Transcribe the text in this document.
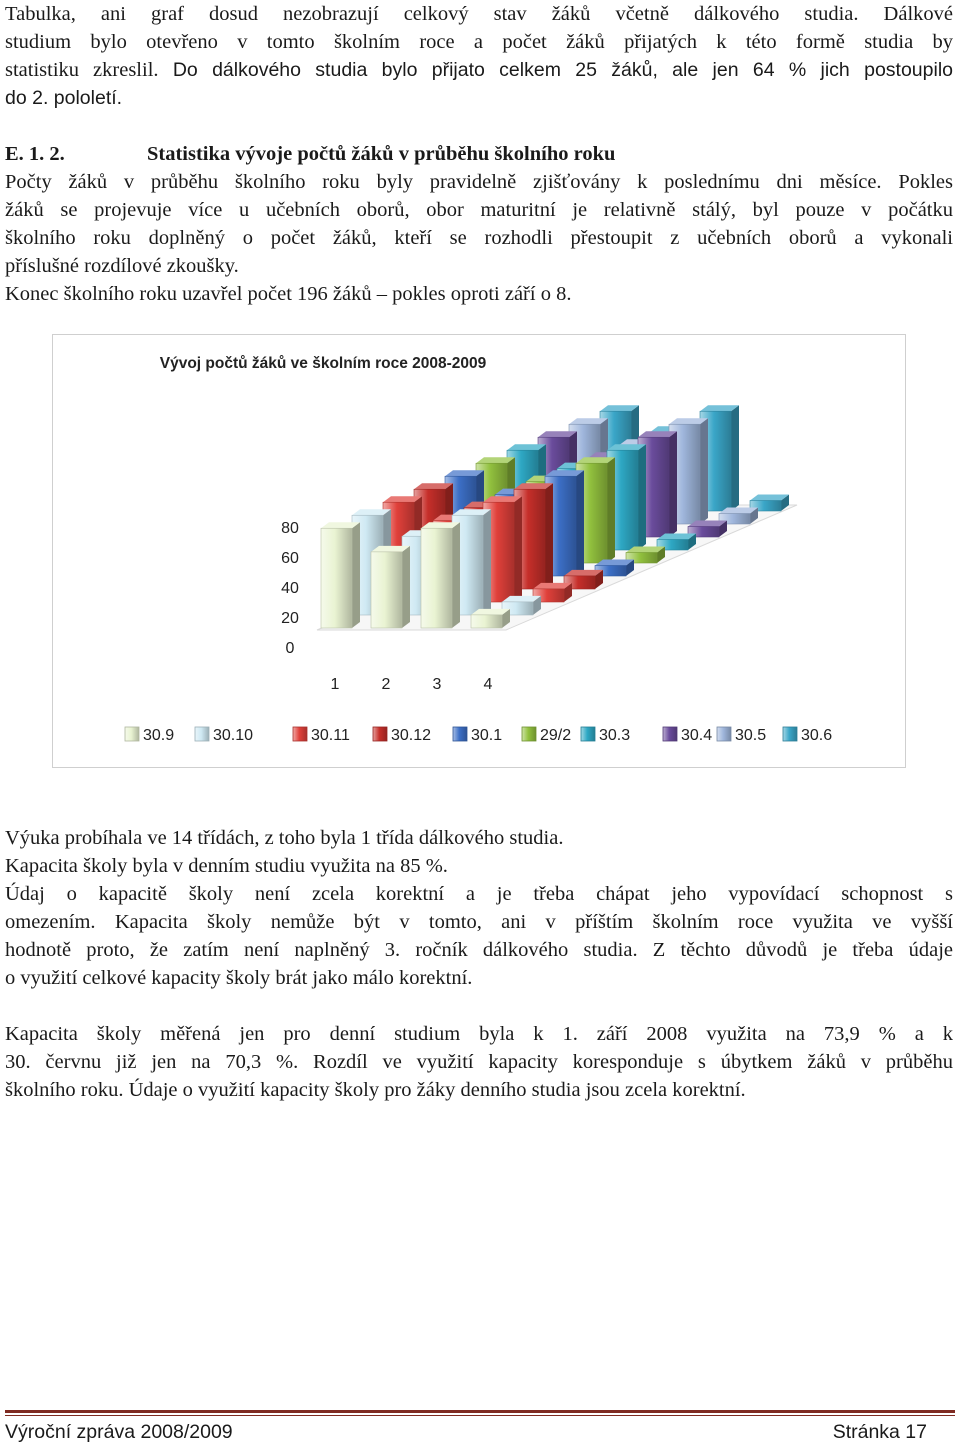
Tabulka, ani graf dosud nezobrazují celkový stav žáků včetně dálkového studia. Dálkové
studium bylo otevřeno v tomto školním roce a počet žáků přijatých k této formě studia by
statistiku zkreslil. Do dálkového studia bylo přijato celkem 25 žáků, ale jen 64 % jich postoupilo
do 2. pololetí.
E. 1. 2.	Statistika vývoje počtů žáků v průběhu školního roku
Počty žáků v průběhu školního roku byly pravidelně zjišťovány k poslednímu dni měsíce. Pokles
žáků se projevuje více u učebních oborů, obor maturitní je relativně stálý, byl pouze v počátku
školního roku doplněný o počet žáků, kteří se rozhodli přestoupit z učebních oborů a vykonali
příslušné rozdílové zkoušky.
Konec školního roku uzavřel počet 196 žáků – pokles oproti září o 8.
Vývoj počtů žáků ve školním roce 2008-2009
80
60
40
20
0
1	2	3	4
30.9 30.10	30.11	30.12 30.1 29/2 30.3	30.4 30.5 30.6
Výuka probíhala ve 14 třídách, z toho byla 1 třída dálkového studia.
Kapacita školy byla v denním studiu využita na 85 %.
Údaj o kapacitě školy není zcela korektní a je třeba chápat jeho vypovídací schopnost s
omezením. Kapacita školy nemůže být v tomto, ani v příštím školním roce využita ve vyšší
hodnotě proto, že zatím není naplněný 3. ročník dálkového studia. Z těchto důvodů je třeba údaje
o využití celkové kapacity školy brát jako málo korektní.
Kapacita školy měřená jen pro denní studium byla k 1. září 2008 využita na 73,9 % a k
30. červnu již jen na 70,3 %. Rozdíl ve využití kapacity koresponduje s úbytkem žáků v průběhu
školního roku. Údaje o využití kapacity školy pro žáky denního studia jsou zcela korektní.
Výroční zpráva 2008/2009	Stránka 17
